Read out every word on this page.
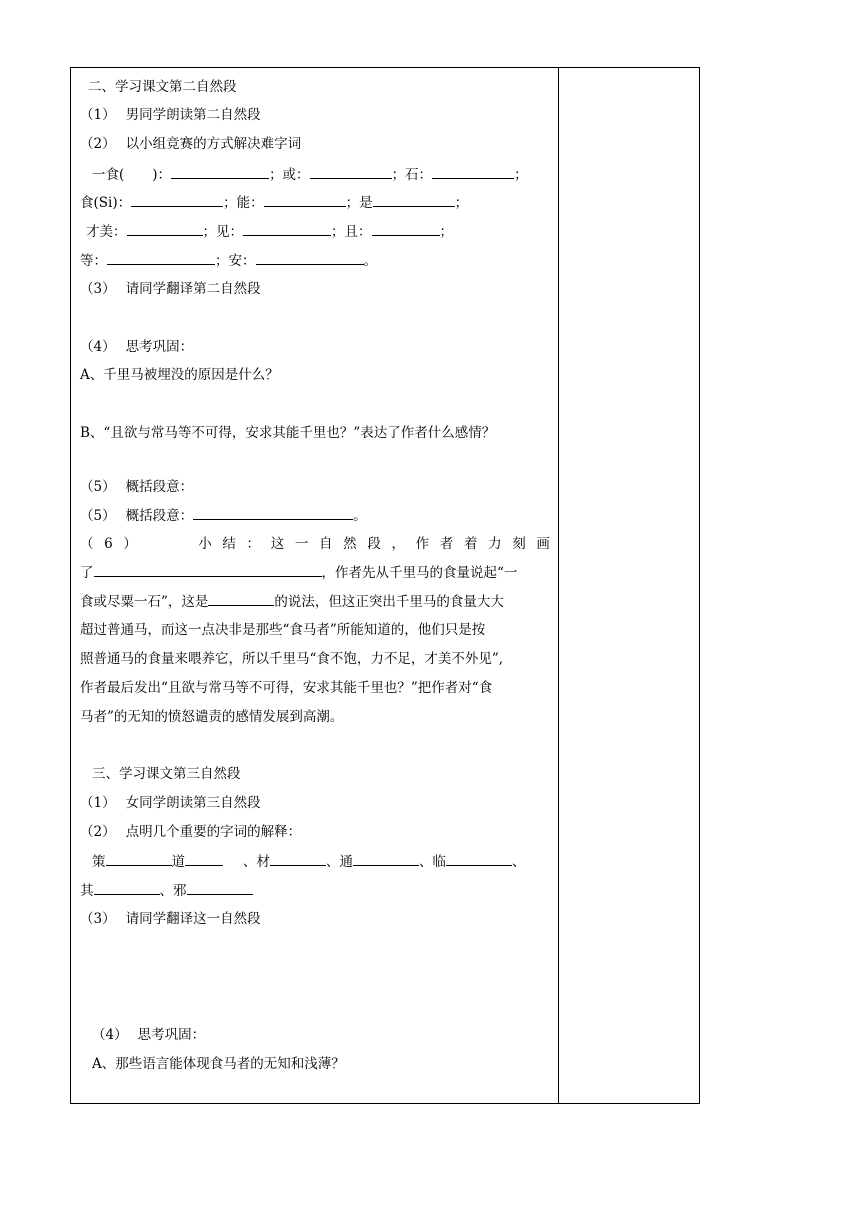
二、学习课文第二自然段
（1） 男同学朗读第二自然段
（2） 以小组竞赛的方式解决难字词
一食( )：	；或：	；石：	；
食(Si)：	；能：	；是	；
才美：	；见：	；且：	；
等：	；安：	。
（3） 请同学翻译第二自然段
（4） 思考巩固：
A、千里马被埋没的原因是什么？
B、“且欲与常马等不可得，安求其能千里也？”表达了作者什么感情？
（5） 概括段意：
（5） 概括段意：	。
（ 6 ）	小 结 ： 这 一 自 然 段 ， 作 者 着 力 刻 画
了	，作者先从千里马的食量说起“一
食或尽粟一石”，这是	的说法，但这正突出千里马的食量大大
超过普通马，而这一点决非是那些“食马者”所能知道的，他们只是按
照普通马的食量来喂养它，所以千里马“食不饱，力不足，才美不外见”,
作者最后发出“且欲与常马等不可得，安求其能千里也？”把作者对“食
马者”的无知的愤怒谴责的感情发展到高潮。
三、学习课文第三自然段
（1） 女同学朗读第三自然段
（2） 点明几个重要的字词的解释：
策	道	、材	、通	、临	、
其	、邪
（3） 请同学翻译这一自然段
（4） 思考巩固：
A、那些语言能体现食马者的无知和浅薄？
